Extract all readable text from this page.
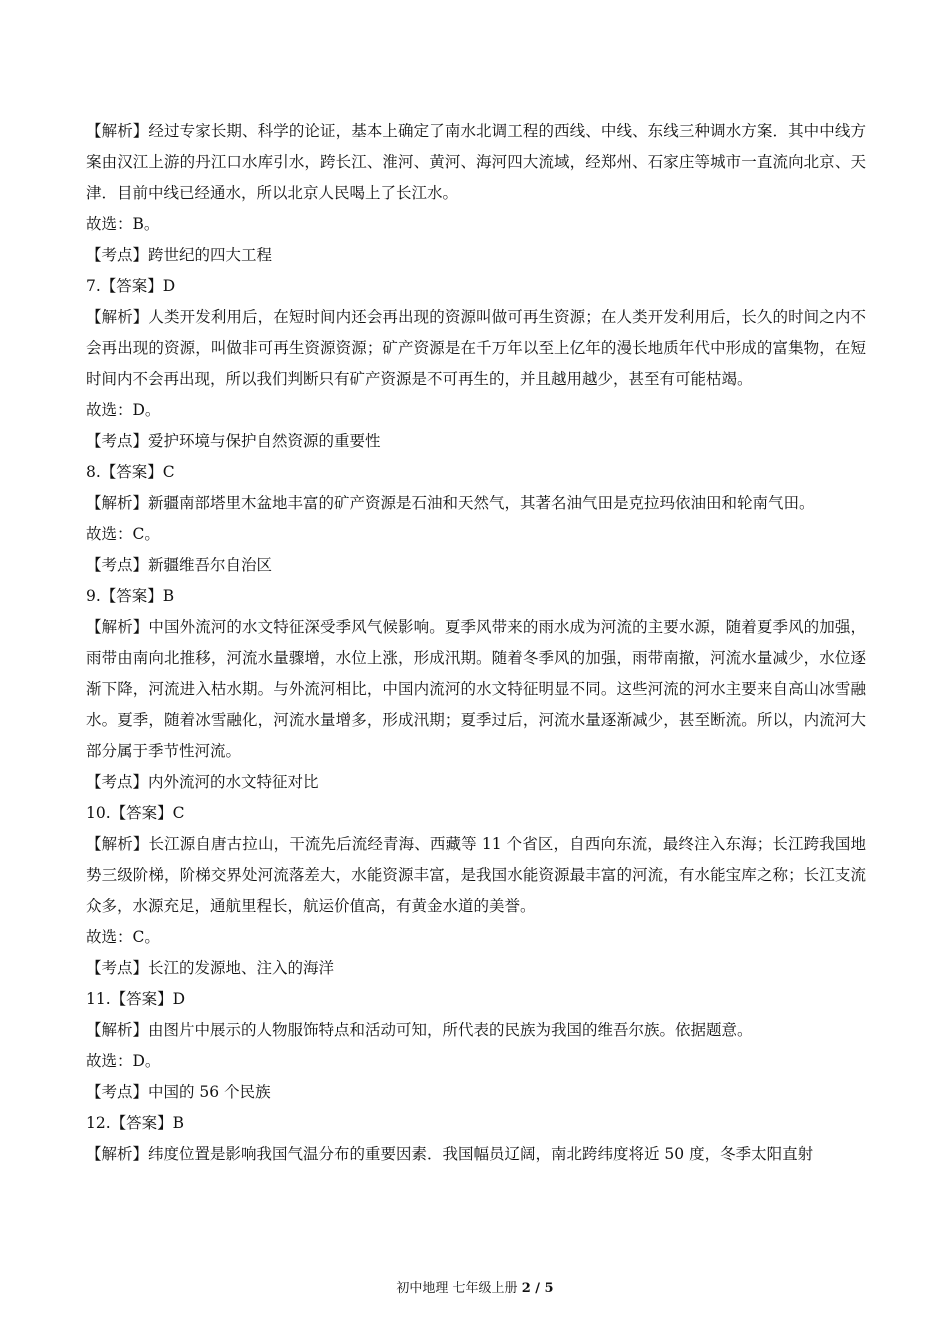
【解析】经过专家长期、科学的论证，基本上确定了南水北调工程的西线、中线、东线三种调水方案．其中中线方案由汉江上游的丹江口水库引水，跨长江、淮河、黄河、海河四大流域，经郑州、石家庄等城市一直流向北京、天津．目前中线已经通水，所以北京人民喝上了长江水。

故选：B。

【考点】跨世纪的四大工程

7.【答案】D

【解析】人类开发利用后，在短时间内还会再出现的资源叫做可再生资源；在人类开发利用后，长久的时间之内不会再出现的资源，叫做非可再生资源资源；矿产资源是在千万年以至上亿年的漫长地质年代中形成的富集物，在短时间内不会再出现，所以我们判断只有矿产资源是不可再生的，并且越用越少，甚至有可能枯竭。

故选：D。

【考点】爱护环境与保护自然资源的重要性

8.【答案】C

【解析】新疆南部塔里木盆地丰富的矿产资源是石油和天然气，其著名油气田是克拉玛依油田和轮南气田。

故选：C。

【考点】新疆维吾尔自治区

9.【答案】B

【解析】中国外流河的水文特征深受季风气候影响。夏季风带来的雨水成为河流的主要水源，随着夏季风的加强，雨带由南向北推移，河流水量骤增，水位上涨，形成汛期。随着冬季风的加强，雨带南撤，河流水量减少，水位逐渐下降，河流进入枯水期。与外流河相比，中国内流河的水文特征明显不同。这些河流的河水主要来自高山冰雪融水。夏季，随着冰雪融化，河流水量增多，形成汛期；夏季过后，河流水量逐渐减少，甚至断流。所以，内流河大部分属于季节性河流。

【考点】内外流河的水文特征对比

10.【答案】C

【解析】长江源自唐古拉山，干流先后流经青海、西藏等 11 个省区，自西向东流，最终注入东海；长江跨我国地势三级阶梯，阶梯交界处河流落差大，水能资源丰富，是我国水能资源最丰富的河流，有水能宝库之称；长江支流众多，水源充足，通航里程长，航运价值高，有黄金水道的美誉。

故选：C。

【考点】长江的发源地、注入的海洋

11.【答案】D

【解析】由图片中展示的人物服饰特点和活动可知，所代表的民族为我国的维吾尔族。依据题意。

故选：D。

【考点】中国的 56 个民族

12.【答案】B

【解析】纬度位置是影响我国气温分布的重要因素．我国幅员辽阔，南北跨纬度将近 50 度，冬季太阳直射

初中地理 七年级上册 2 / 5
